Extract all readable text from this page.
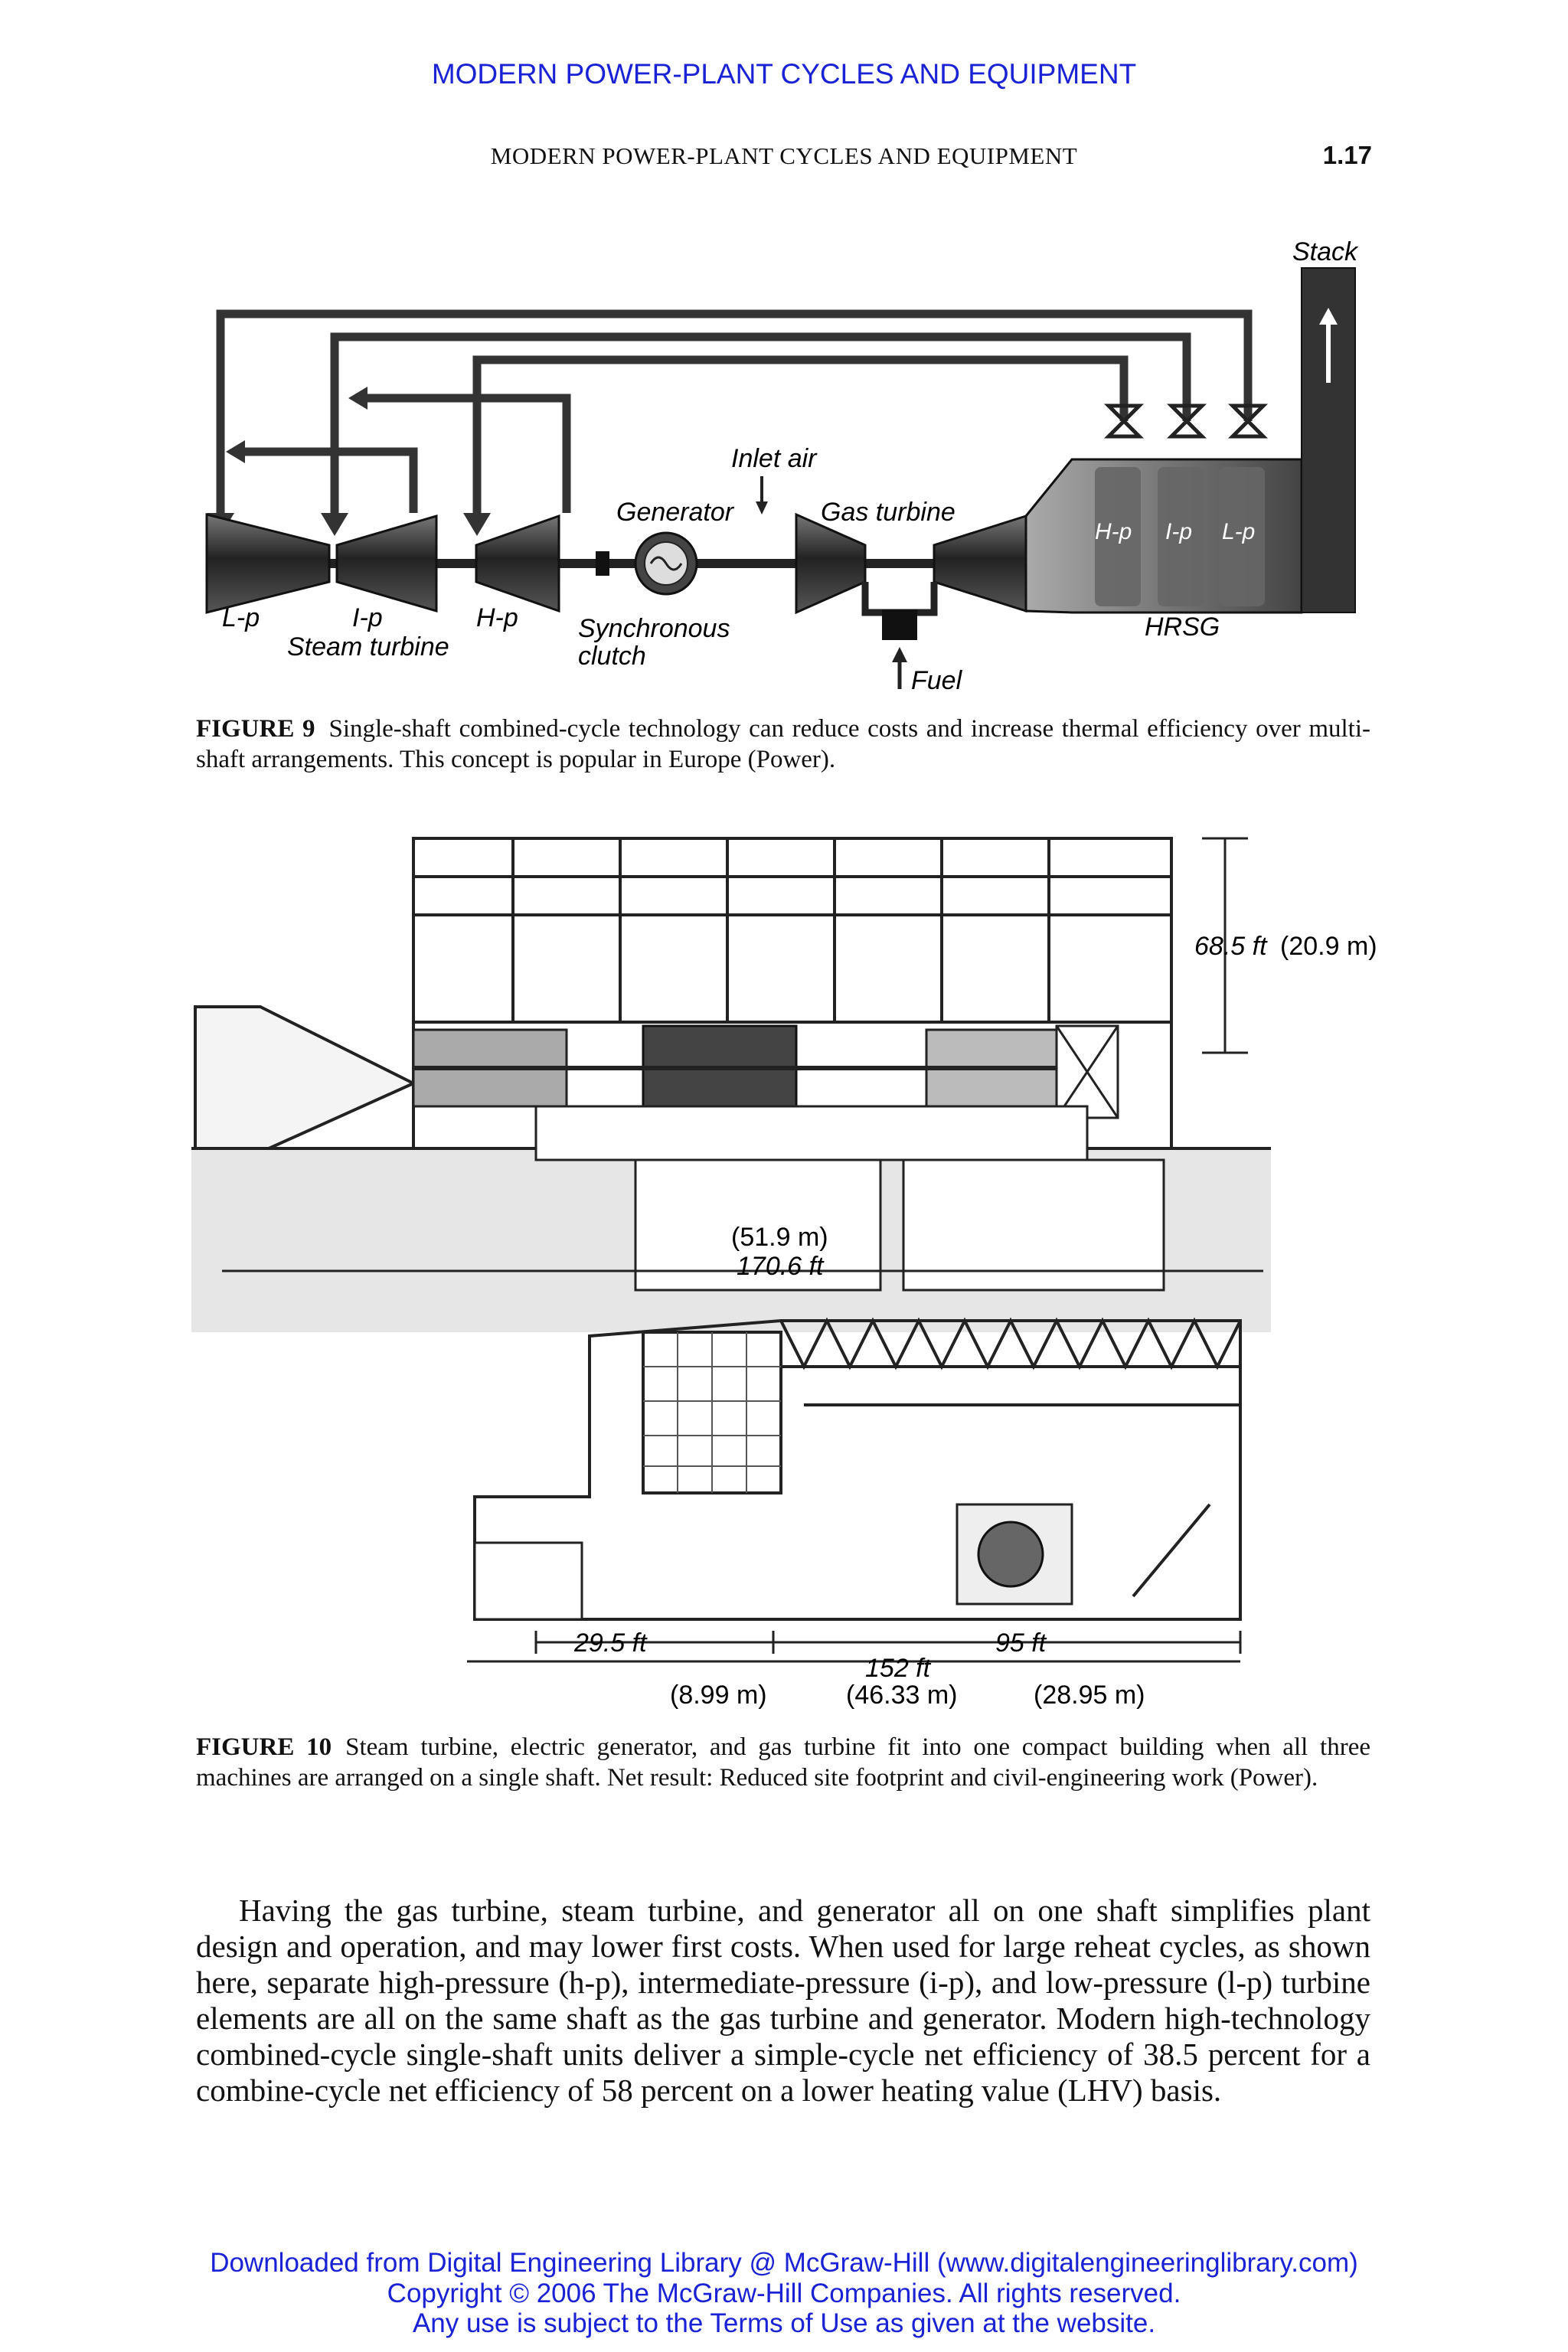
MODERN POWER-PLANT CYCLES AND EQUIPMENT
MODERN POWER-PLANT CYCLES AND EQUIPMENT	1.17
Stack
Inlet air
Generator	Gas turbine
H-p I-p L-p
L-p	I-p	H-p
Steam turbine
Synchronous
clutch
HRSG
Fuel
FIGURE 9 Single-shaft combined-cycle technology can reduce costs and increase thermal efficiency over multi-shaft arrangements. This concept is popular in Europe (Power).
68.5 ft (20.9 m)
(51.9 m)
170.6 ft
29.5 ft	95 ft
152 ft
(8.99 m)	(46.33 m)	(28.95 m)
FIGURE 10 Steam turbine, electric generator, and gas turbine fit into one compact building when all three machines are arranged on a single shaft. Net result: Reduced site footprint and civil-engineering work (Power).
Having the gas turbine, steam turbine, and generator all on one shaft simplifies plant design and operation, and may lower first costs. When used for large reheat cycles, as shown here, separate high-pressure (h-p), intermediate-pressure (i-p), and low-pressure (l-p) turbine elements are all on the same shaft as the gas turbine and generator. Modern high-technology combined-cycle single-shaft units deliver a simple-cycle net efficiency of 38.5 percent for a combine-cycle net efficiency of 58 percent on a lower heating value (LHV) basis.
Downloaded from Digital Engineering Library @ McGraw-Hill (www.digitalengineeringlibrary.com)
Copyright © 2006 The McGraw-Hill Companies. All rights reserved.
Any use is subject to the Terms of Use as given at the website.
